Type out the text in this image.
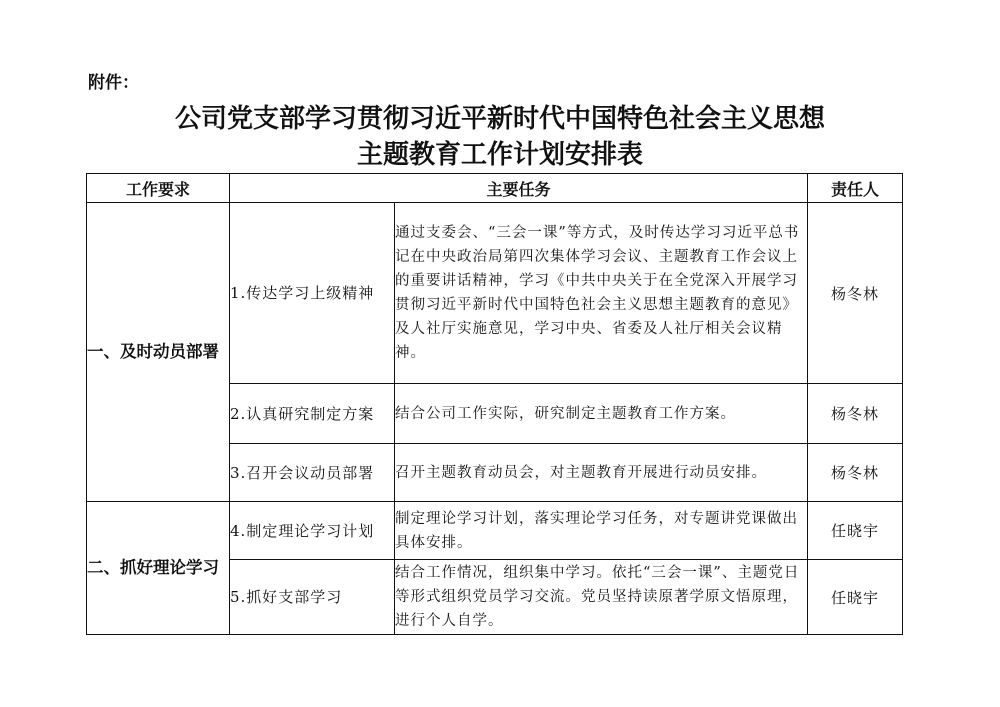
附件：
公司党支部学习贯彻习近平新时代中国特色社会主义思想
主题教育工作计划安排表
工作要求	主要任务		责任人
一、及时动员部署	1.传达学习上级精神	通过支委会、“三会一课”等方式，及时传达学习习近平总书记在中央政治局第四次集体学习会议、主题教育工作会议上的重要讲话精神，学习《中共中央关于在全党深入开展学习贯彻习近平新时代中国特色社会主义思想主题教育的意见》及人社厅实施意见，学习中央、省委及人社厅相关会议精神。	杨冬林
	2.认真研究制定方案	结合公司工作实际，研究制定主题教育工作方案。	杨冬林
	3.召开会议动员部署	召开主题教育动员会，对主题教育开展进行动员安排。	杨冬林
二、抓好理论学习	4.制定理论学习计划	制定理论学习计划，落实理论学习任务，对专题讲党课做出具体安排。	任晓宇
	5.抓好支部学习	结合工作情况，组织集中学习。依托“三会一课”、主题党日等形式组织党员学习交流。党员坚持读原著学原文悟原理，进行个人自学。	任晓宇
